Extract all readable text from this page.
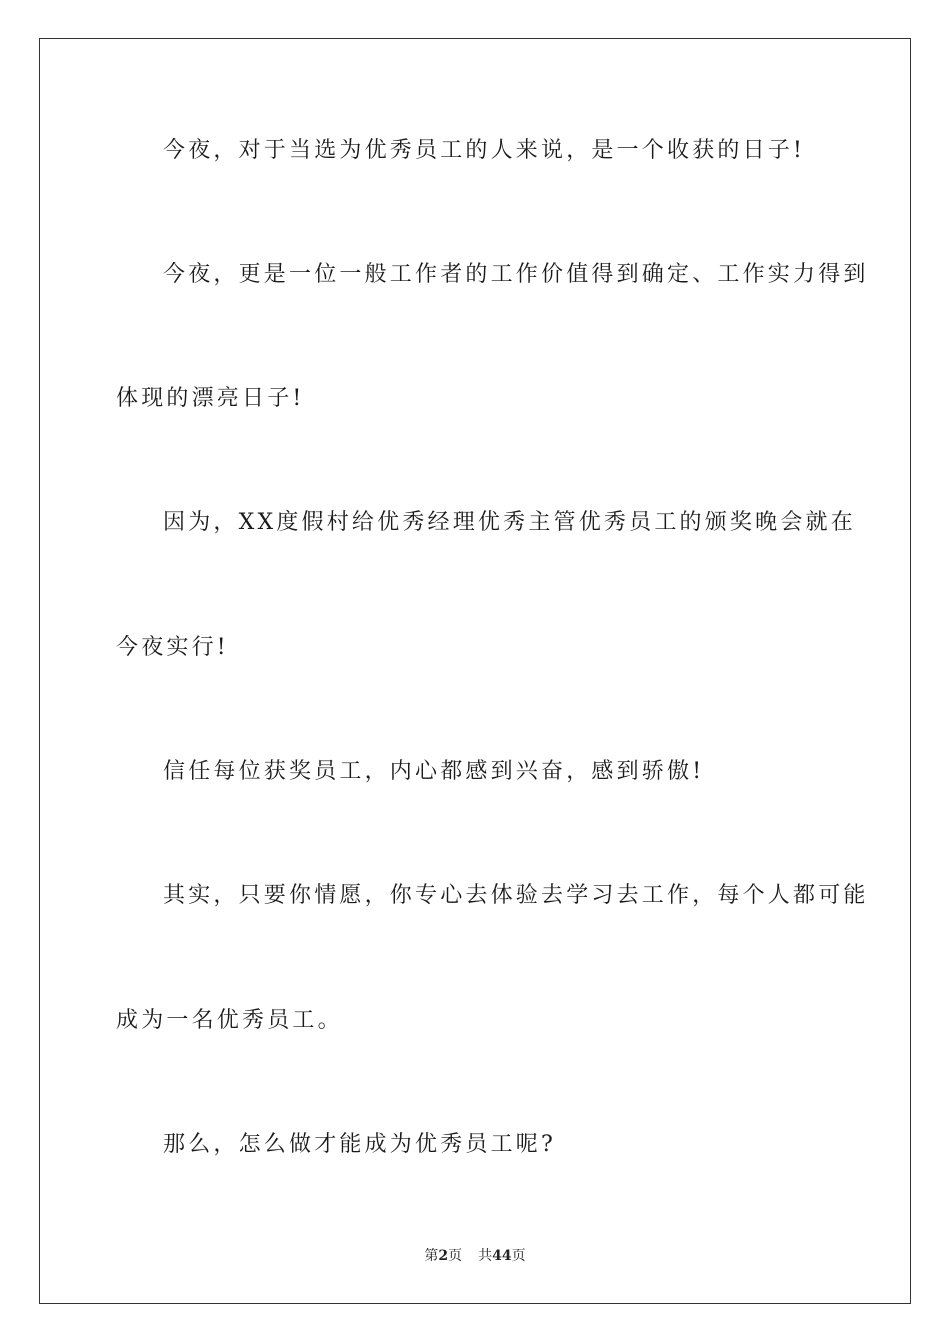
今夜，对于当选为优秀员工的人来说，是一个收获的日子!
今夜，更是一位一般工作者的工作价值得到确定、工作实力得到
体现的漂亮日子!
因为，XX度假村给优秀经理优秀主管优秀员工的颁奖晚会就在
今夜实行!
信任每位获奖员工，内心都感到兴奋，感到骄傲!
其实，只要你情愿，你专心去体验去学习去工作，每个人都可能
成为一名优秀员工。
那么，怎么做才能成为优秀员工呢?
第2页 共44页
